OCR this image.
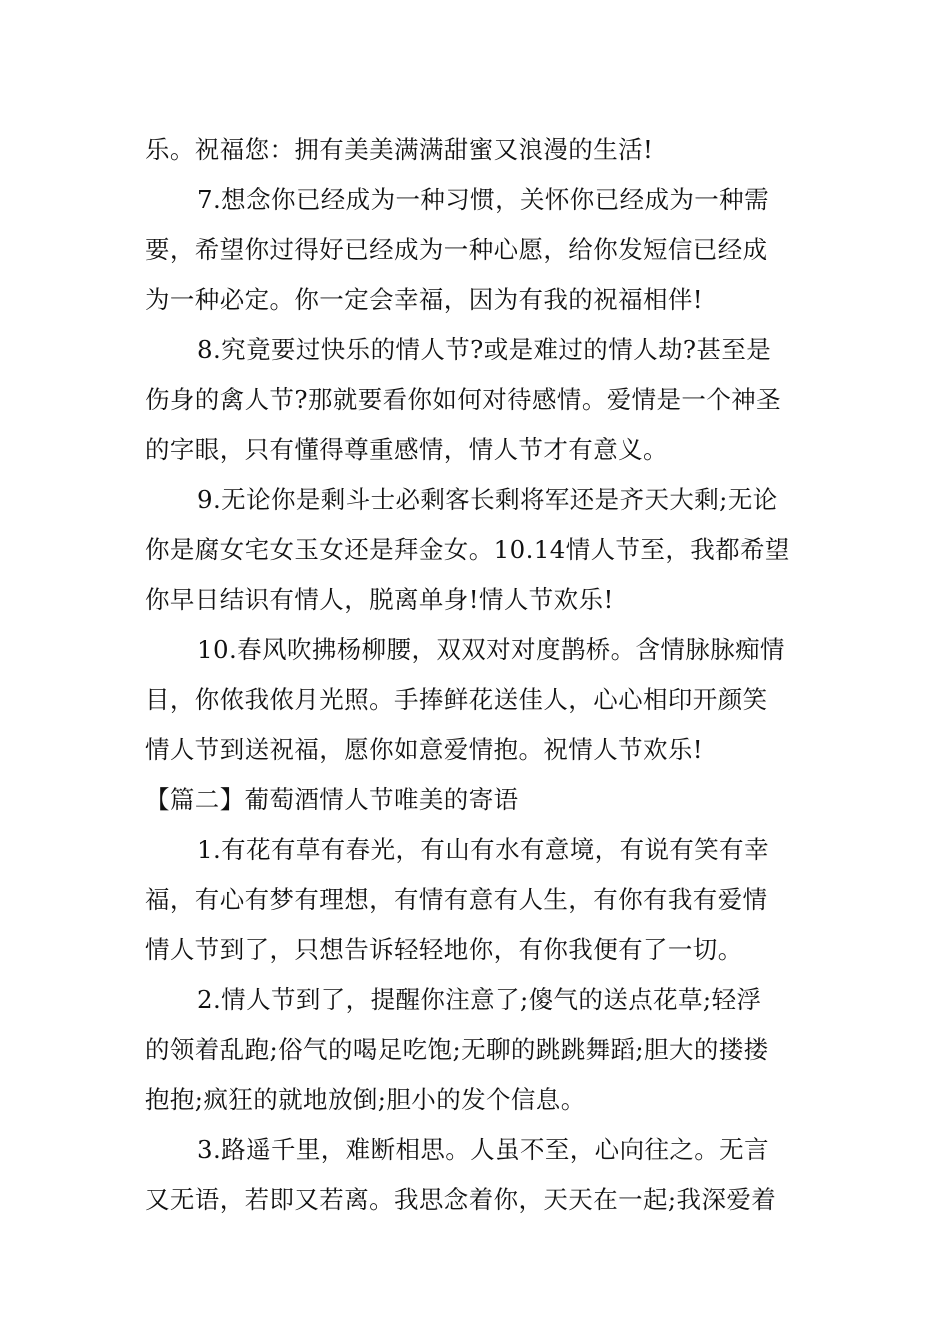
乐。祝福您：拥有美美满满甜蜜又浪漫的生活!
7.想念你已经成为一种习惯，关怀你已经成为一种需
要，希望你过得好已经成为一种心愿，给你发短信已经成
为一种必定。你一定会幸福，因为有我的祝福相伴!
8.究竟要过快乐的情人节?或是难过的情人劫?甚至是
伤身的禽人节?那就要看你如何对待感情。爱情是一个神圣
的字眼，只有懂得尊重感情，情人节才有意义。
9.无论你是剩斗士必剩客长剩将军还是齐天大剩;无论
你是腐女宅女玉女还是拜金女。10.14情人节至，我都希望
你早日结识有情人，脱离单身!情人节欢乐!
10.春风吹拂杨柳腰，双双对对度鹊桥。含情脉脉痴情
目，你侬我侬月光照。手捧鲜花送佳人，心心相印开颜笑
情人节到送祝福，愿你如意爱情抱。祝情人节欢乐!
【篇二】葡萄酒情人节唯美的寄语
1.有花有草有春光，有山有水有意境，有说有笑有幸
福，有心有梦有理想，有情有意有人生，有你有我有爱情
情人节到了，只想告诉轻轻地你，有你我便有了一切。
2.情人节到了，提醒你注意了;傻气的送点花草;轻浮
的领着乱跑;俗气的喝足吃饱;无聊的跳跳舞蹈;胆大的搂搂
抱抱;疯狂的就地放倒;胆小的发个信息。
3.路遥千里，难断相思。人虽不至，心向往之。无言
又无语，若即又若离。我思念着你，天天在一起;我深爱着
